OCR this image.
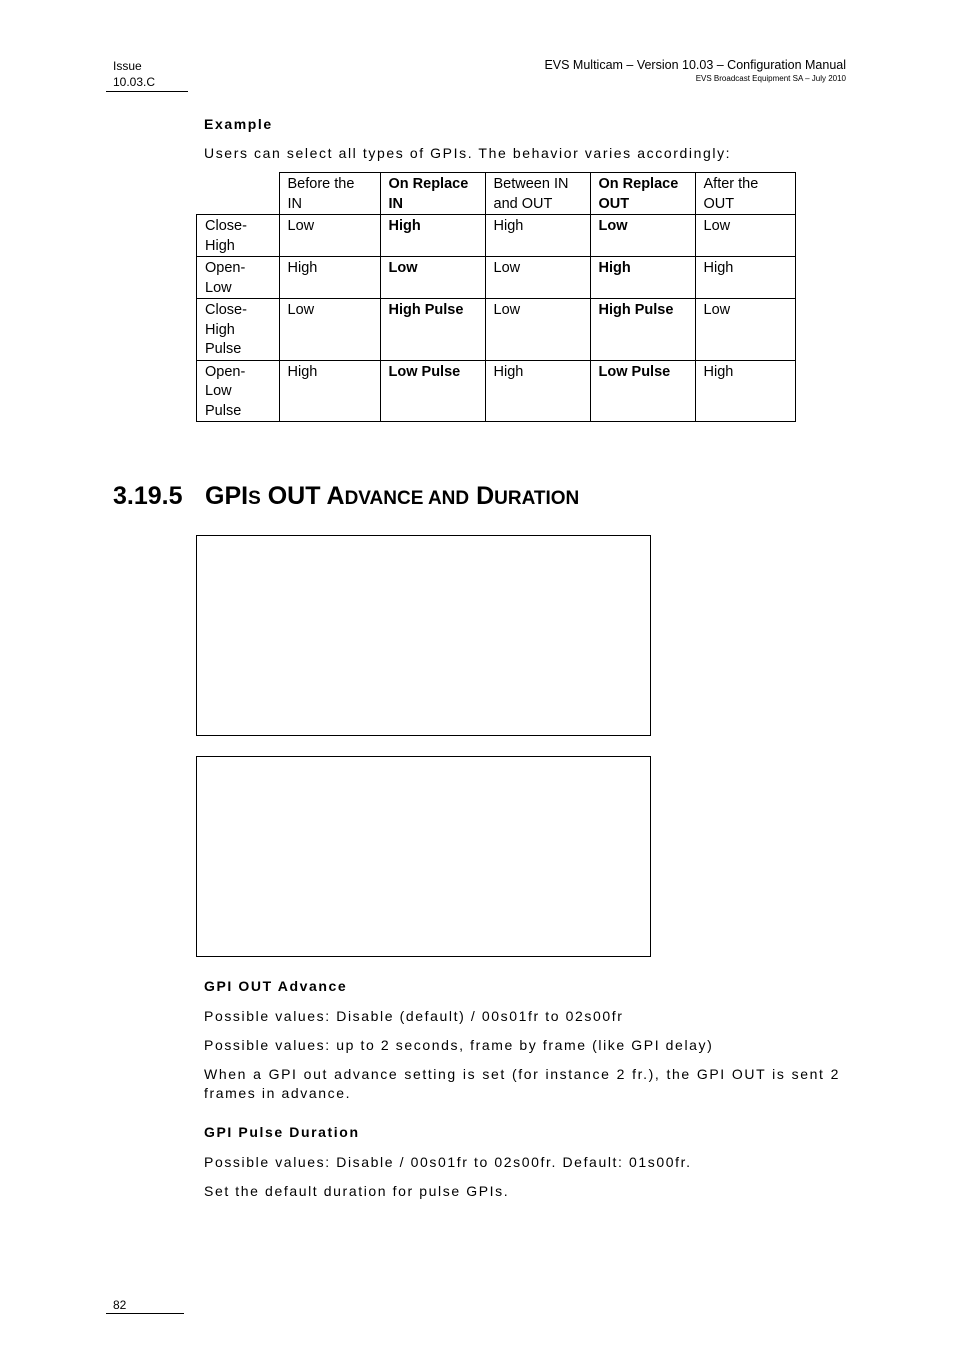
Issue
10.03.C
EVS Multicam – Version 10.03 – Configuration Manual
EVS Broadcast Equipment SA – July 2010
Example
Users can select all types of GPIs. The behavior varies accordingly:
	Before the IN	On Replace IN	Between IN and OUT	On Replace OUT	After the OUT
Close-High	Low	High	High	Low	Low
Open-Low	High	Low	Low	High	High
Close-High Pulse	Low	High Pulse	Low	High Pulse	Low
Open-Low Pulse	High	Low Pulse	High	Low Pulse	High
3.19.5 GPIS OUT ADVANCE AND DURATION
GPI OUT Advance
Possible values: Disable (default) / 00s01fr to 02s00fr
Possible values: up to 2 seconds, frame by frame (like GPI delay)
When a GPI out advance setting is set (for instance 2 fr.), the GPI OUT is sent 2 frames in advance.
GPI Pulse Duration
Possible values: Disable / 00s01fr to 02s00fr. Default: 01s00fr.
Set the default duration for pulse GPIs.
82
